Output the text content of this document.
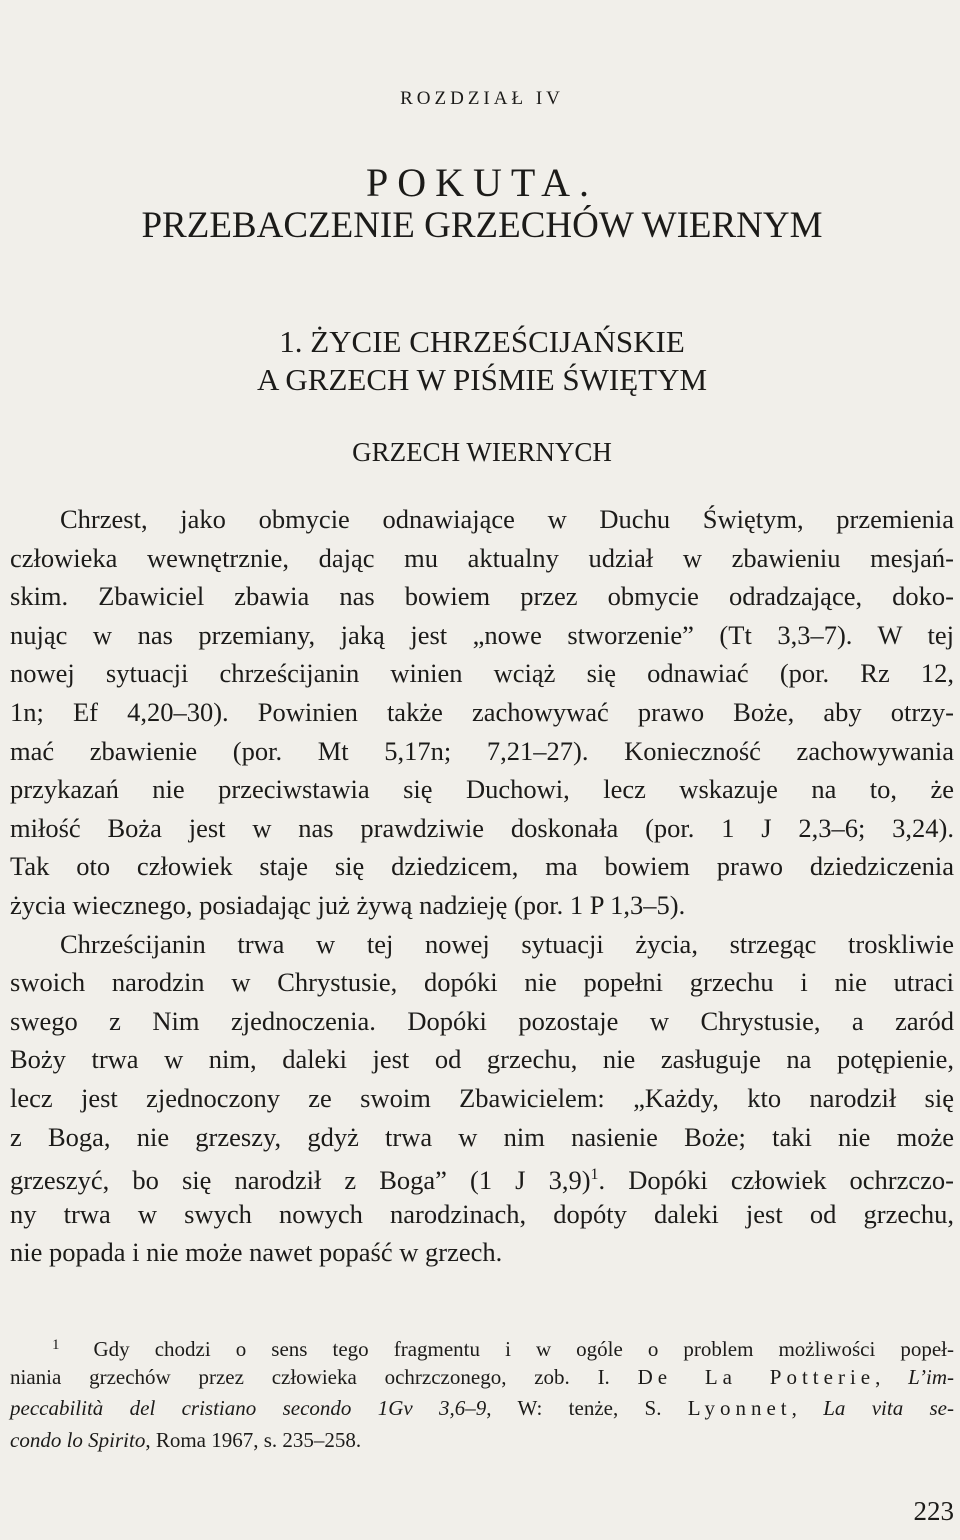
ROZDZIAŁ IV
POKUTA.
PRZEBACZENIE GRZECHÓW WIERNYM
1. ŻYCIE CHRZEŚCIJAŃSKIE
A GRZECH W PIŚMIE ŚWIĘTYM
GRZECH WIERNYCH
Chrzest, jako obmycie odnawiające w Duchu Świętym, przemienia
człowieka wewnętrznie, dając mu aktualny udział w zbawieniu mesjań-
skim. Zbawiciel zbawia nas bowiem przez obmycie odradzające, doko-
nując w nas przemiany, jaką jest „nowe stworzenie” (Tt 3,3–7). W tej
nowej sytuacji chrześcijanin winien wciąż się odnawiać (por. Rz 12,
1n; Ef 4,20–30). Powinien także zachowywać prawo Boże, aby otrzy-
mać zbawienie (por. Mt 5,17n; 7,21–27). Konieczność zachowywania
przykazań nie przeciwstawia się Duchowi, lecz wskazuje na to, że
miłość Boża jest w nas prawdziwie doskonała (por. 1 J 2,3–6; 3,24).
Tak oto człowiek staje się dziedzicem, ma bowiem prawo dziedziczenia
życia wiecznego, posiadając już żywą nadzieję (por. 1 P 1,3–5).
Chrześcijanin trwa w tej nowej sytuacji życia, strzegąc troskliwie
swoich narodzin w Chrystusie, dopóki nie popełni grzechu i nie utraci
swego z Nim zjednoczenia. Dopóki pozostaje w Chrystusie, a zaród
Boży trwa w nim, daleki jest od grzechu, nie zasługuje na potępienie,
lecz jest zjednoczony ze swoim Zbawicielem: „Każdy, kto narodził się
z Boga, nie grzeszy, gdyż trwa w nim nasienie Boże; taki nie może
grzeszyć, bo się narodził z Boga” (1 J 3,9)$^1$. Dopóki człowiek ochrzczo-
ny trwa w swych nowych narodzinach, dopóty daleki jest od grzechu,
nie popada i nie może nawet popaść w grzech.
$^1$ Gdy chodzi o sens tego fragmentu i w ogóle o problem możliwości popeł-
niania grzechów przez człowieka ochrzczonego, zob. I. De La Potterie, L’im-
peccabilità del cristiano secondo 1Gv 3,6–9, W: tenże, S. Lyonnet, La vita se-
condo lo Spirito, Roma 1967, s. 235–258.
223
